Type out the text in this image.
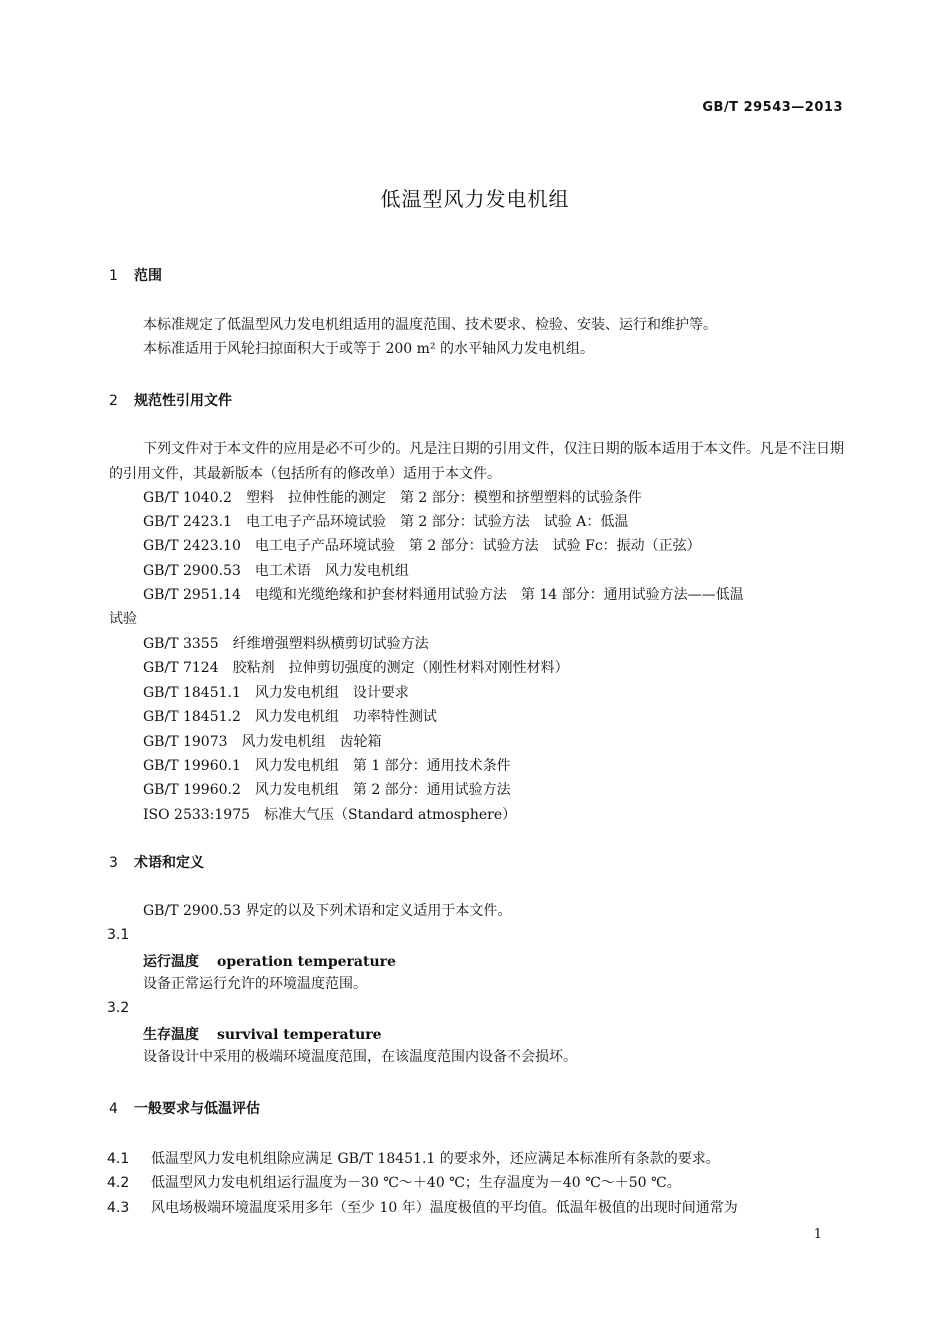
GB/T 29543—2013
低温型风力发电机组
1 范围
本标准规定了低温型风力发电机组适用的温度范围、技术要求、检验、安装、运行和维护等。
本标准适用于风轮扫掠面积大于或等于 200 m² 的水平轴风力发电机组。
2 规范性引用文件
下列文件对于本文件的应用是必不可少的。凡是注日期的引用文件，仅注日期的版本适用于本文件。凡是不注日期的引用文件，其最新版本（包括所有的修改单）适用于本文件。
GB/T 1040.2 塑料　拉伸性能的测定　第 2 部分：模塑和挤塑塑料的试验条件
GB/T 2423.1 电工电子产品环境试验　第 2 部分：试验方法　试验 A：低温
GB/T 2423.10 电工电子产品环境试验　第 2 部分：试验方法　试验 Fc：振动（正弦）
GB/T 2900.53 电工术语　风力发电机组
GB/T 2951.14 电缆和光缆绝缘和护套材料通用试验方法　第 14 部分：通用试验方法——低温
试验
GB/T 3355 纤维增强塑料纵横剪切试验方法
GB/T 7124 胶粘剂　拉伸剪切强度的测定（刚性材料对刚性材料）
GB/T 18451.1 风力发电机组　设计要求
GB/T 18451.2 风力发电机组　功率特性测试
GB/T 19073 风力发电机组　齿轮箱
GB/T 19960.1 风力发电机组　第 1 部分：通用技术条件
GB/T 19960.2 风力发电机组　第 2 部分：通用试验方法
ISO 2533:1975 标准大气压（Standard atmosphere）
3 术语和定义
GB/T 2900.53 界定的以及下列术语和定义适用于本文件。
3.1
运行温度 operation temperature
设备正常运行允许的环境温度范围。
3.2
生存温度 survival temperature
设备设计中采用的极端环境温度范围，在该温度范围内设备不会损坏。
4 一般要求与低温评估
4.1 低温型风力发电机组除应满足 GB/T 18451.1 的要求外，还应满足本标准所有条款的要求。
4.2 低温型风力发电机组运行温度为－30 ℃～＋40 ℃；生存温度为－40 ℃～＋50 ℃。
4.3 风电场极端环境温度采用多年（至少 10 年）温度极值的平均值。低温年极值的出现时间通常为
1
